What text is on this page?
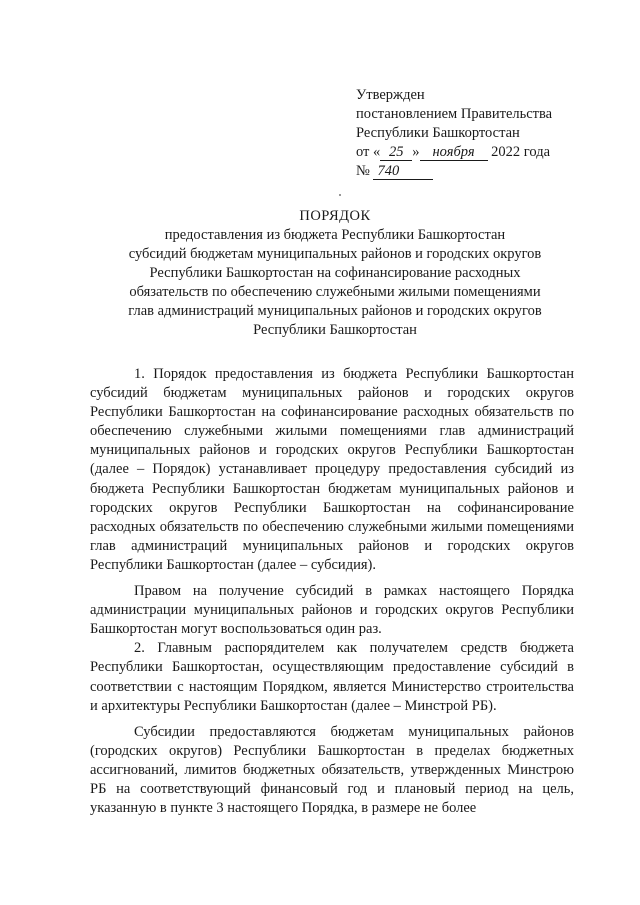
Утвержден
постановлением Правительства
Республики Башкортостан
от « 25 » ноября 2022 года
№ 740
ПОРЯДОК
предоставления из бюджета Республики Башкортостан
субсидий бюджетам муниципальных районов и городских округов
Республики Башкортостан на софинансирование расходных
обязательств по обеспечению служебными жилыми помещениями
глав администраций муниципальных районов и городских округов
Республики Башкортостан

1. Порядок предоставления из бюджета Республики Башкортостан субсидий бюджетам муниципальных районов и городских округов Республики Башкортостан на софинансирование расходных обязательств по обеспечению служебными жилыми помещениями глав администраций муниципальных районов и городских округов Республики Башкортостан (далее – Порядок) устанавливает процедуру предоставления субсидий из бюджета Республики Башкортостан бюджетам муниципальных районов и городских округов Республики Башкортостан на софинансирование расходных обязательств по обеспечению служебными жилыми помещениями глав администраций муниципальных районов и городских округов Республики Башкортостан (далее – субсидия).

Правом на получение субсидий в рамках настоящего Порядка администрации муниципальных районов и городских округов Республики Башкортостан могут воспользоваться один раз.

2. Главным распорядителем как получателем средств бюджета Республики Башкортостан, осуществляющим предоставление субсидий в соответствии с настоящим Порядком, является Министерство строительства и архитектуры Республики Башкортостан (далее – Минстрой РБ).

Субсидии предоставляются бюджетам муниципальных районов (городских округов) Республики Башкортостан в пределах бюджетных ассигнований, лимитов бюджетных обязательств, утвержденных Минстрою РБ на соответствующий финансовый год и плановый период на цель, указанную в пункте 3 настоящего Порядка, в размере не более
